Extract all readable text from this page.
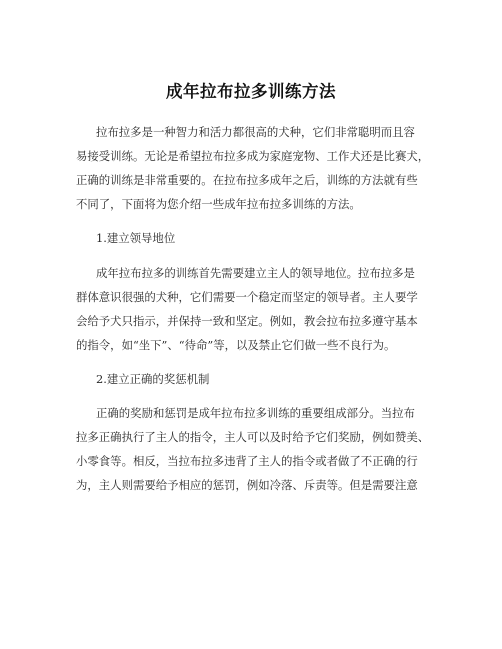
成年拉布拉多训练方法
拉布拉多是一种智力和活力都很高的犬种，它们非常聪明而且容
易接受训练。无论是希望拉布拉多成为家庭宠物、工作犬还是比赛犬，
正确的训练是非常重要的。在拉布拉多成年之后，训练的方法就有些
不同了，下面将为您介绍一些成年拉布拉多训练的方法。
1.建立领导地位
成年拉布拉多的训练首先需要建立主人的领导地位。拉布拉多是
群体意识很强的犬种，它们需要一个稳定而坚定的领导者。主人要学
会给予犬只指示，并保持一致和坚定。例如，教会拉布拉多遵守基本
的指令，如“坐下”、“待命”等，以及禁止它们做一些不良行为。
2.建立正确的奖惩机制
正确的奖励和惩罚是成年拉布拉多训练的重要组成部分。当拉布
拉多正确执行了主人的指令，主人可以及时给予它们奖励，例如赞美、
小零食等。相反，当拉布拉多违背了主人的指令或者做了不正确的行
为，主人则需要给予相应的惩罚，例如冷落、斥责等。但是需要注意
